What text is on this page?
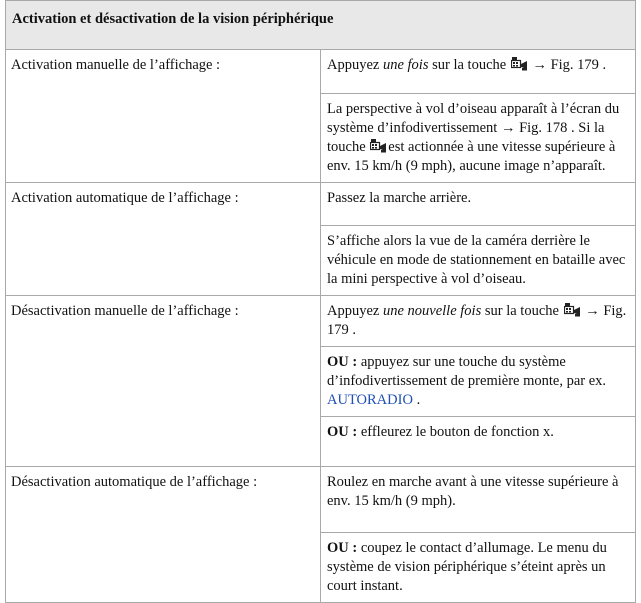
Activation et désactivation de la vision périphérique	
Activation manuelle de l’affichage :	Appuyez une fois sur la touche  → Fig. 179 .
	La perspective à vol d’oiseau apparaît à l’écran du système d’infodivertissement → Fig. 178 . Si la touche est actionnée à une vitesse supérieure à env. 15 km/h (9 mph), aucune image n’apparaît.
Activation automatique de l’affichage :	Passez la marche arrière.
	S’affiche alors la vue de la caméra derrière le véhicule en mode de stationnement en bataille avec la mini perspective à vol d’oiseau.
Désactivation manuelle de l’affichage :	Appuyez une nouvelle fois sur la touche  → Fig. 179 .
	OU : appuyez sur une touche du système d’infodivertissement de première monte, par ex. AUTORADIO .
	OU : effleurez le bouton de fonction x.
Désactivation automatique de l’affichage :	Roulez en marche avant à une vitesse supérieure à env. 15 km/h (9 mph).
	OU : coupez le contact d’allumage. Le menu du système de vision périphérique s’éteint après un court instant.
